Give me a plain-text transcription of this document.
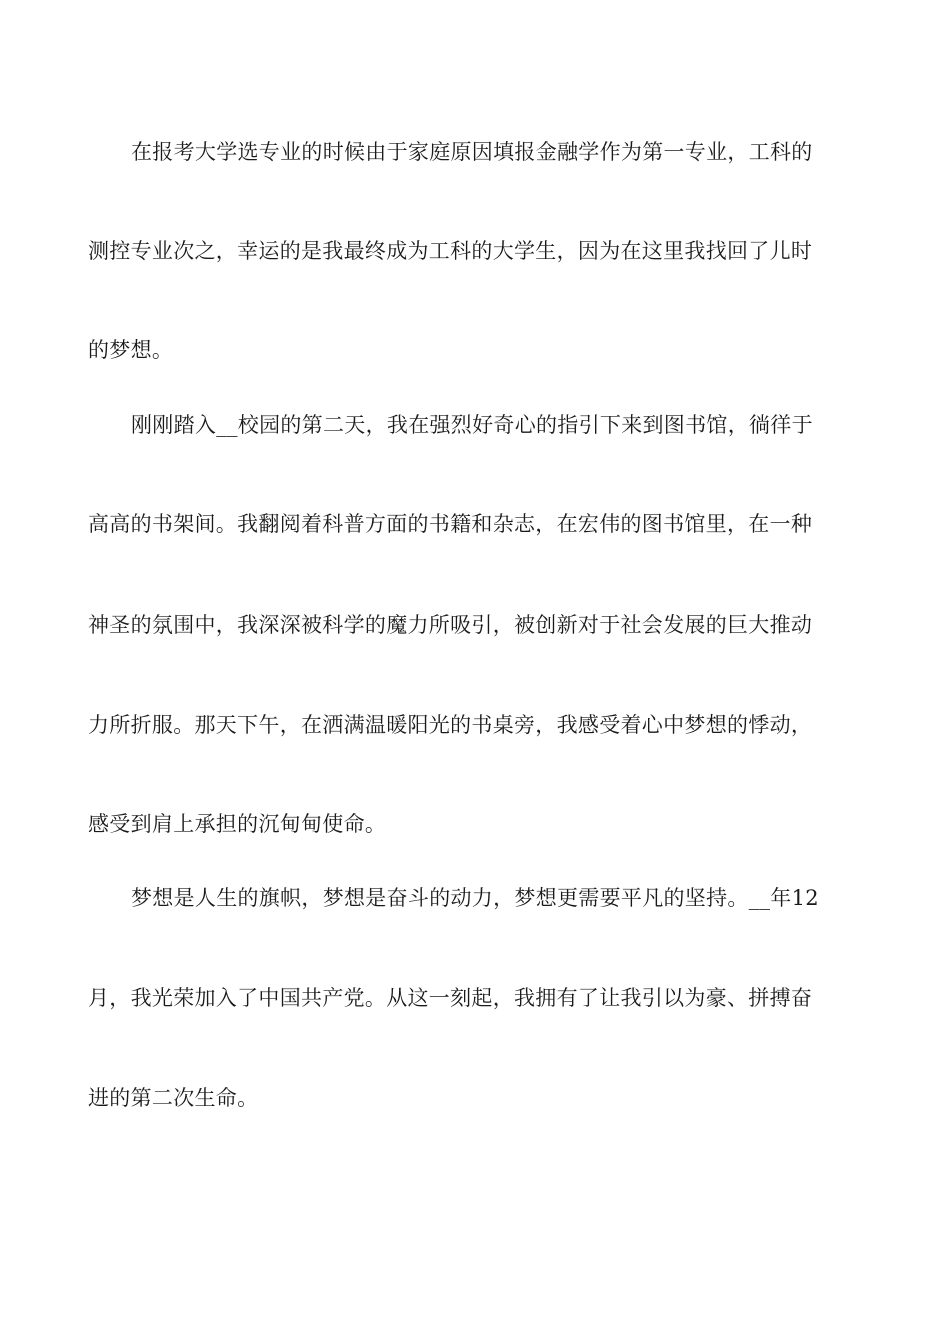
在报考大学选专业的时候由于家庭原因填报金融学作为第一专业，工科的
测控专业次之，幸运的是我最终成为工科的大学生，因为在这里我找回了儿时
的梦想。
刚刚踏入__校园的第二天，我在强烈好奇心的指引下来到图书馆，徜徉于
高高的书架间。我翻阅着科普方面的书籍和杂志，在宏伟的图书馆里，在一种
神圣的氛围中，我深深被科学的魔力所吸引，被创新对于社会发展的巨大推动
力所折服。那天下午，在洒满温暖阳光的书桌旁，我感受着心中梦想的悸动，
感受到肩上承担的沉甸甸使命。
梦想是人生的旗帜，梦想是奋斗的动力，梦想更需要平凡的坚持。__年12
月，我光荣加入了中国共产党。从这一刻起，我拥有了让我引以为豪、拼搏奋
进的第二次生命。
